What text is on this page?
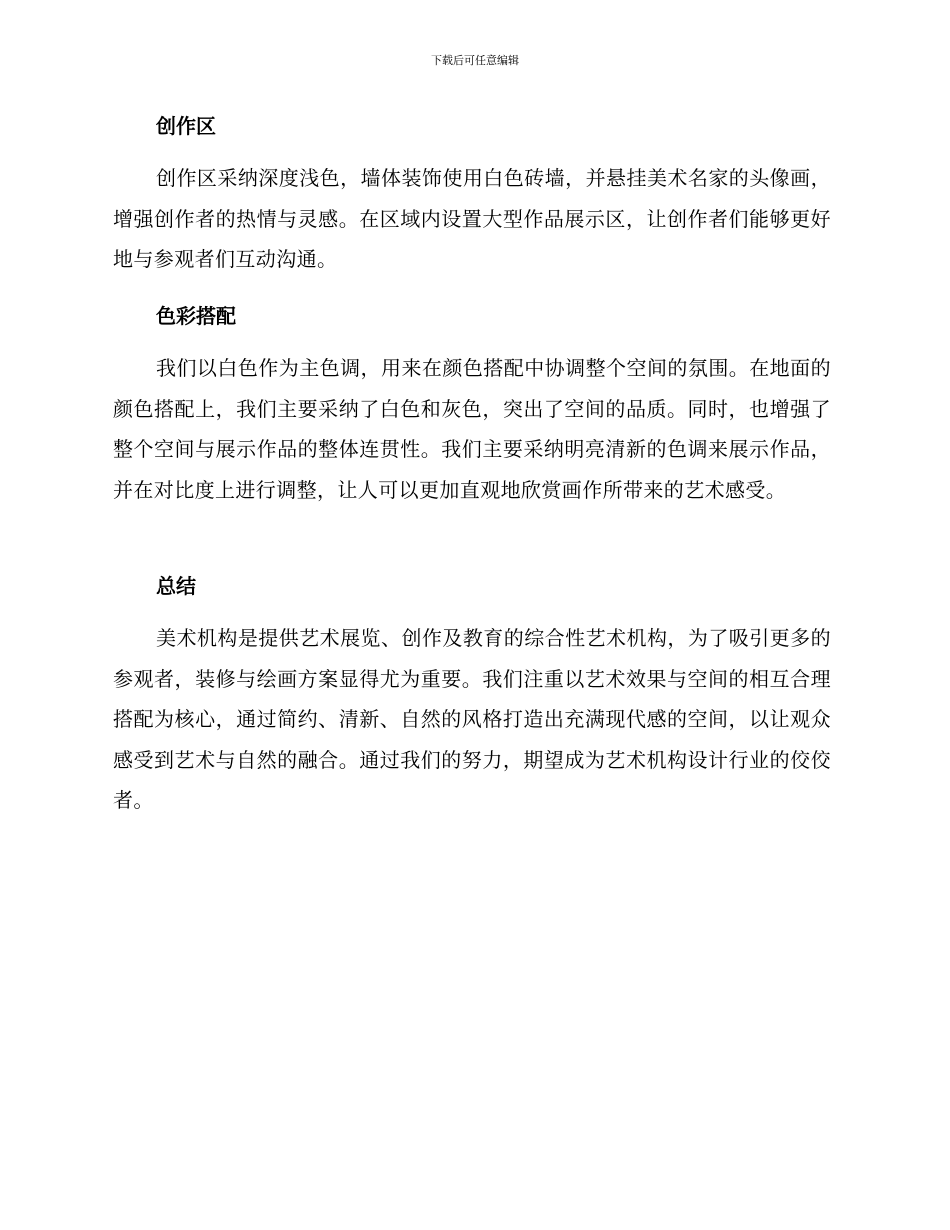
下载后可任意编辑
创作区

创作区采纳深度浅色，墙体装饰使用白色砖墙，并悬挂美术名家的头像画，增强创作者的热情与灵感。在区域内设置大型作品展示区，让创作者们能够更好地与参观者们互动沟通。

色彩搭配

我们以白色作为主色调，用来在颜色搭配中协调整个空间的氛围。在地面的颜色搭配上，我们主要采纳了白色和灰色，突出了空间的品质。同时，也增强了整个空间与展示作品的整体连贯性。我们主要采纳明亮清新的色调来展示作品，并在对比度上进行调整，让人可以更加直观地欣赏画作所带来的艺术感受。

总结

美术机构是提供艺术展览、创作及教育的综合性艺术机构，为了吸引更多的参观者，装修与绘画方案显得尤为重要。我们注重以艺术效果与空间的相互合理搭配为核心，通过简约、清新、自然的风格打造出充满现代感的空间，以让观众感受到艺术与自然的融合。通过我们的努力，期望成为艺术机构设计行业的佼佼者。
